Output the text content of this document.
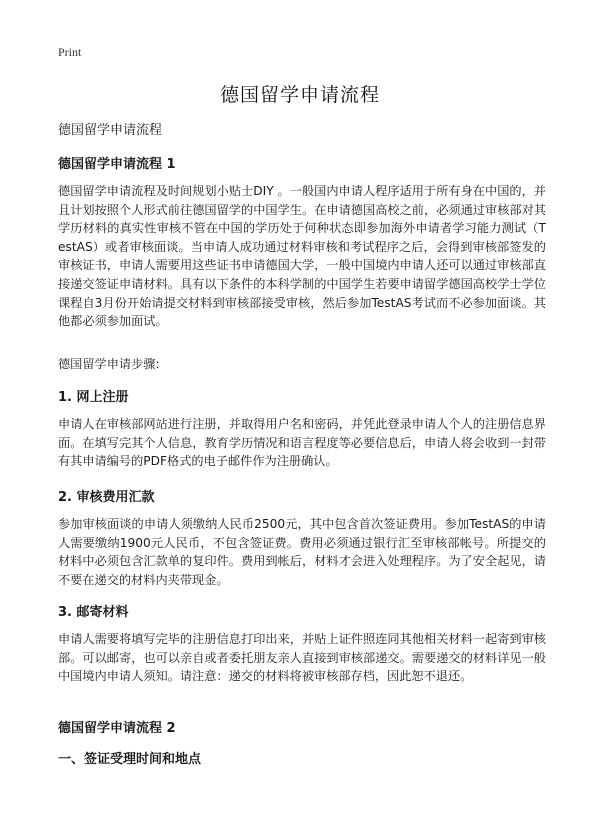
Print
德国留学申请流程
德国留学申请流程
德国留学申请流程 1
德国留学申请流程及时间规划小贴士DIY 。一般国内申请人程序适用于所有身在中国的，并且计划按照个人形式前往德国留学的中国学生。在申请德国高校之前，必须通过审核部对其学历材料的真实性审核不管在中国的学历处于何种状态即参加海外申请者学习能力测试（TestAS）或者审核面谈。当申请人成功通过材料审核和考试程序之后，会得到审核部签发的审核证书，申请人需要用这些证书申请德国大学，一般中国境内申请人还可以通过审核部直接递交签证申请材料。具有以下条件的本科学制的中国学生若要申请留学德国高校学士学位课程自3月份开始请提交材料到审核部接受审核，然后参加TestAS考试而不必参加面谈。其他都必须参加面试。
德国留学申请步骤:
1. 网上注册
申请人在审核部网站进行注册，并取得用户名和密码，并凭此登录申请人个人的注册信息界面。在填写完其个人信息，教育学历情况和语言程度等必要信息后，申请人将会收到一封带有其申请编号的PDF格式的电子邮件作为注册确认。
2. 审核费用汇款
参加审核面谈的申请人须缴纳人民币2500元，其中包含首次签证费用。参加TestAS的申请人需要缴纳1900元人民币，不包含签证费。费用必须通过银行汇至审核部帐号。所提交的材料中必须包含汇款单的复印件。费用到帐后，材料才会进入处理程序。为了安全起见，请不要在递交的材料内夹带现金。
3. 邮寄材料
申请人需要将填写完毕的注册信息打印出来，并贴上证件照连同其他相关材料一起寄到审核部。可以邮寄，也可以亲自或者委托朋友亲人直接到审核部递交。需要递交的材料详见一般中国境内申请人须知。请注意：递交的材料将被审核部存档，因此恕不退还。
德国留学申请流程 2
一、签证受理时间和地点
